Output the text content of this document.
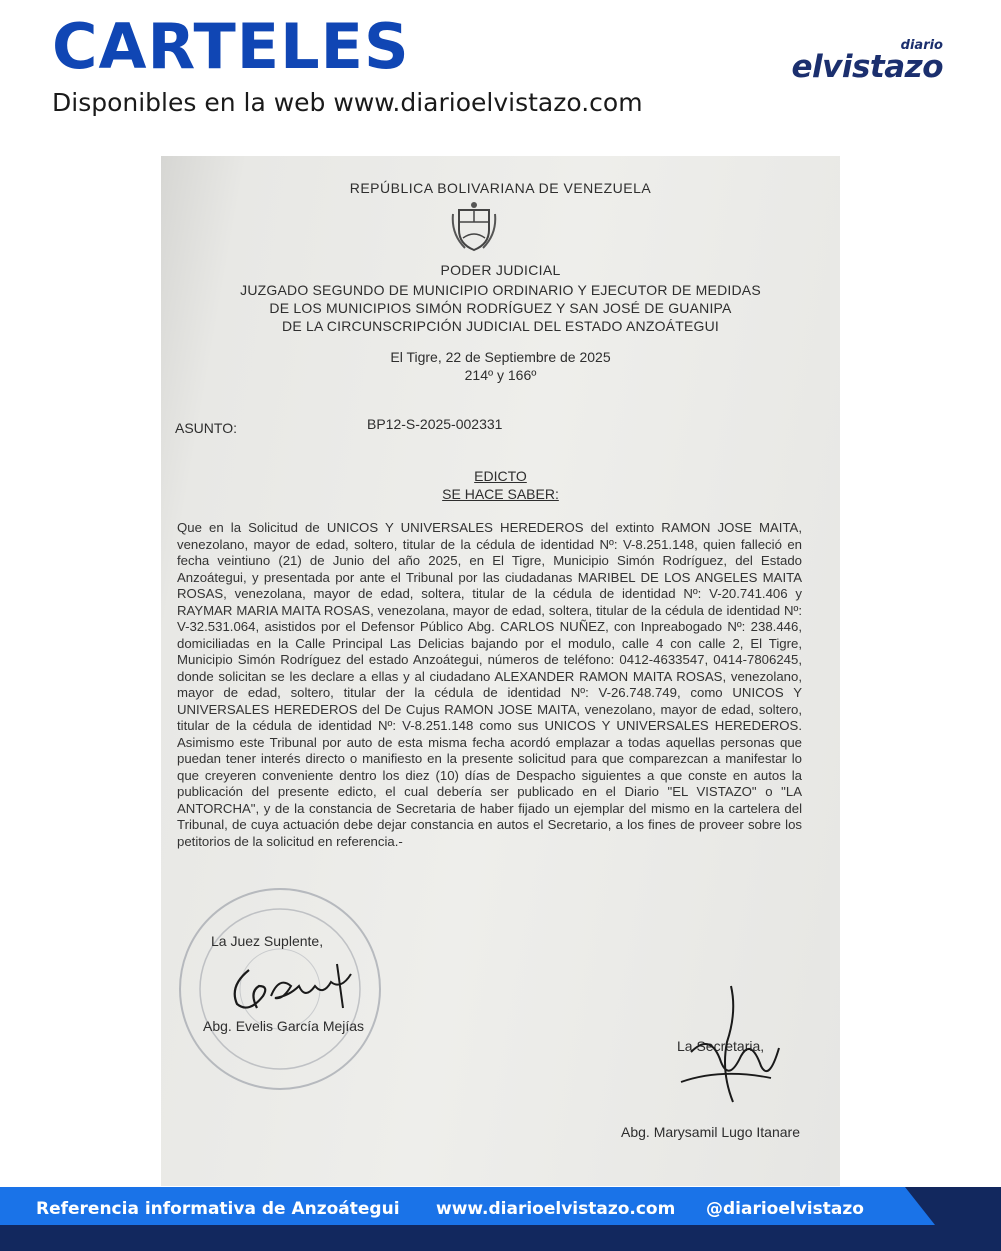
CARTELES
Disponibles en la web www.diarioelvistazo.com
diario
elvistazo
REPÚBLICA BOLIVARIANA DE VENEZUELA
PODER JUDICIAL
JUZGADO SEGUNDO DE MUNICIPIO ORDINARIO Y EJECUTOR DE MEDIDAS
DE LOS MUNICIPIOS SIMÓN RODRÍGUEZ Y SAN JOSÉ DE GUANIPA
DE LA CIRCUNSCRIPCIÓN JUDICIAL DEL ESTADO ANZOÁTEGUI
El Tigre, 22 de Septiembre de 2025
214º y 166º
ASUNTO:	BP12-S-2025-002331
EDICTO
SE HACE SABER:
Que en la Solicitud de UNICOS Y UNIVERSALES HEREDEROS del extinto RAMON JOSE MAITA, venezolano, mayor de edad, soltero, titular de la cédula de identidad Nº: V-8.251.148, quien falleció en fecha veintiuno (21) de Junio del año 2025, en El Tigre, Municipio Simón Rodríguez, del Estado Anzoátegui, y presentada por ante el Tribunal por las ciudadanas MARIBEL DE LOS ANGELES MAITA ROSAS, venezolana, mayor de edad, soltera, titular de la cédula de identidad Nº: V-20.741.406 y RAYMAR MARIA MAITA ROSAS, venezolana, mayor de edad, soltera, titular de la cédula de identidad Nº: V-32.531.064, asistidos por el Defensor Público Abg. CARLOS NUÑEZ, con Inpreabogado Nº: 238.446, domiciliadas en la Calle Principal Las Delicias bajando por el modulo, calle 4 con calle 2, El Tigre, Municipio Simón Rodríguez del estado Anzoátegui, números de teléfono: 0412-4633547, 0414-7806245, donde solicitan se les declare a ellas y al ciudadano ALEXANDER RAMON MAITA ROSAS, venezolano, mayor de edad, soltero, titular der la cédula de identidad Nº: V-26.748.749, como UNICOS Y UNIVERSALES HEREDEROS del De Cujus RAMON JOSE MAITA, venezolano, mayor de edad, soltero, titular de la cédula de identidad Nº: V-8.251.148 como sus UNICOS Y UNIVERSALES HEREDEROS. Asimismo este Tribunal por auto de esta misma fecha acordó emplazar a todas aquellas personas que puedan tener interés directo o manifiesto en la presente solicitud para que comparezcan a manifestar lo que creyeren conveniente dentro los diez (10) días de Despacho siguientes a que conste en autos la publicación del presente edicto, el cual debería ser publicado en el Diario "EL VISTAZO" o "LA ANTORCHA", y de la constancia de Secretaria de haber fijado un ejemplar del mismo en la cartelera del Tribunal, de cuya actuación debe dejar constancia en autos el Secretario, a los fines de proveer sobre los petitorios de la solicitud en referencia.-
La Juez Suplente,
Abg. Evelis García Mejías
La Secretaria,
Abg. Marysamil Lugo Itanare
Referencia informativa de Anzoátegui www.diarioelvistazo.com @diarioelvistazo
